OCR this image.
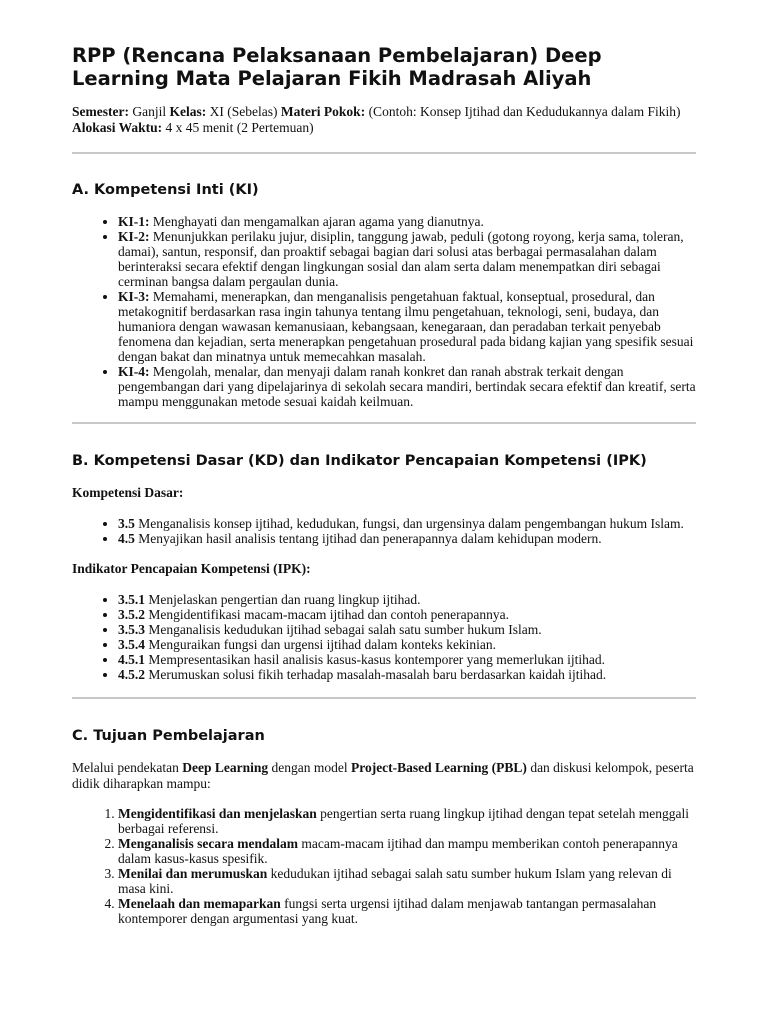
RPP (Rencana Pelaksanaan Pembelajaran) Deep Learning Mata Pelajaran Fikih Madrasah Aliyah

Semester: Ganjil Kelas: XI (Sebelas) Materi Pokok: (Contoh: Konsep Ijtihad dan Kedudukannya dalam Fikih) Alokasi Waktu: 4 x 45 menit (2 Pertemuan)

A. Kompetensi Inti (KI)
• KI-1: Menghayati dan mengamalkan ajaran agama yang dianutnya.
• KI-2: Menunjukkan perilaku jujur, disiplin, tanggung jawab, peduli (gotong royong, kerja sama, toleran, damai), santun, responsif, dan proaktif sebagai bagian dari solusi atas berbagai permasalahan dalam berinteraksi secara efektif dengan lingkungan sosial dan alam serta dalam menempatkan diri sebagai cerminan bangsa dalam pergaulan dunia.
• KI-3: Memahami, menerapkan, dan menganalisis pengetahuan faktual, konseptual, prosedural, dan metakognitif berdasarkan rasa ingin tahunya tentang ilmu pengetahuan, teknologi, seni, budaya, dan humaniora dengan wawasan kemanusiaan, kebangsaan, kenegaraan, dan peradaban terkait penyebab fenomena dan kejadian, serta menerapkan pengetahuan prosedural pada bidang kajian yang spesifik sesuai dengan bakat dan minatnya untuk memecahkan masalah.
• KI-4: Mengolah, menalar, dan menyaji dalam ranah konkret dan ranah abstrak terkait dengan pengembangan dari yang dipelajarinya di sekolah secara mandiri, bertindak secara efektif dan kreatif, serta mampu menggunakan metode sesuai kaidah keilmuan.
B. Kompetensi Dasar (KD) dan Indikator Pencapaian Kompetensi (IPK)
Kompetensi Dasar:
• 3.5 Menganalisis konsep ijtihad, kedudukan, fungsi, dan urgensinya dalam pengembangan hukum Islam.
• 4.5 Menyajikan hasil analisis tentang ijtihad dan penerapannya dalam kehidupan modern.
Indikator Pencapaian Kompetensi (IPK):
• 3.5.1 Menjelaskan pengertian dan ruang lingkup ijtihad.
• 3.5.2 Mengidentifikasi macam-macam ijtihad dan contoh penerapannya.
• 3.5.3 Menganalisis kedudukan ijtihad sebagai salah satu sumber hukum Islam.
• 3.5.4 Menguraikan fungsi dan urgensi ijtihad dalam konteks kekinian.
• 4.5.1 Mempresentasikan hasil analisis kasus-kasus kontemporer yang memerlukan ijtihad.
• 4.5.2 Merumuskan solusi fikih terhadap masalah-masalah baru berdasarkan kaidah ijtihad.
C. Tujuan Pembelajaran

Melalui pendekatan Deep Learning dengan model Project-Based Learning (PBL) dan diskusi kelompok, peserta didik diharapkan mampu:

1. Mengidentifikasi dan menjelaskan pengertian serta ruang lingkup ijtihad dengan tepat setelah menggali berbagai referensi.
2. Menganalisis secara mendalam macam-macam ijtihad dan mampu memberikan contoh penerapannya dalam kasus-kasus spesifik.
3. Menilai dan merumuskan kedudukan ijtihad sebagai salah satu sumber hukum Islam yang relevan di masa kini.
4. Menelaah dan memaparkan fungsi serta urgensi ijtihad dalam menjawab tantangan permasalahan kontemporer dengan argumentasi yang kuat.
